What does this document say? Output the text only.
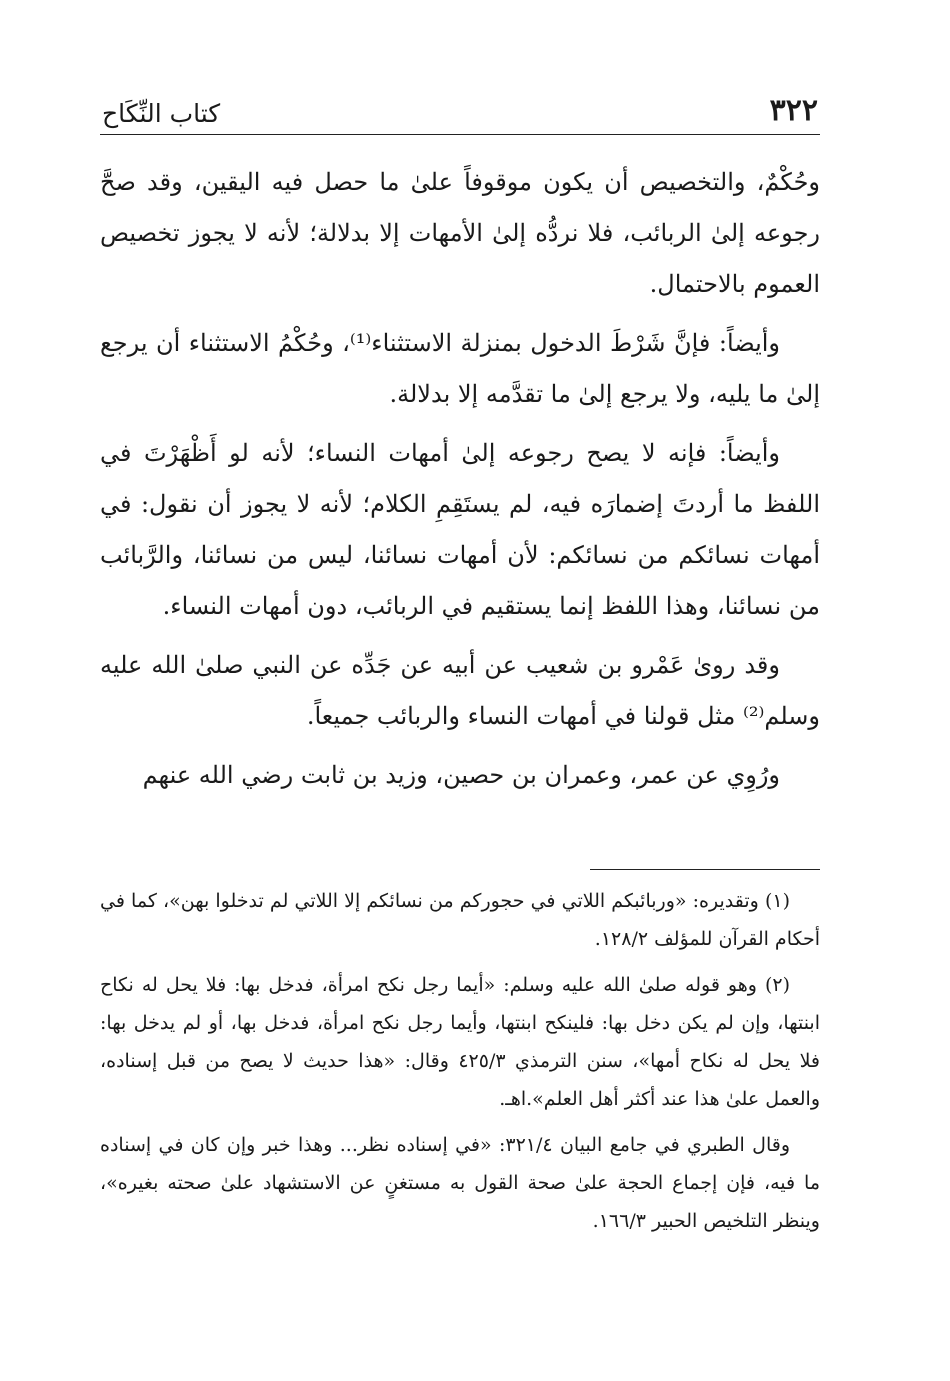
٣٢٢
كتاب النِّكَاح

وحُكْمٌ، والتخصيص أن يكون موقوفاً علىٰ ما حصل فيه اليقين، وقد صحَّ رجوعه إلىٰ الربائب، فلا نردُّه إلىٰ الأمهات إلا بدلالة؛ لأنه لا يجوز تخصيص العموم بالاحتمال.

وأيضاً: فإنَّ شَرْطَ الدخول بمنزلة الاستثناء⁽¹⁾، وحُكْمُ الاستثناء أن يرجع إلىٰ ما يليه، ولا يرجع إلىٰ ما تقدَّمه إلا بدلالة.

وأيضاً: فإنه لا يصح رجوعه إلىٰ أمهات النساء؛ لأنه لو أَظْهَرْتَ في اللفظ ما أردتَ إضمارَه فيه، لم يستَقِمِ الكلام؛ لأنه لا يجوز أن نقول: في أمهات نسائكم من نسائكم: لأن أمهات نسائنا، ليس من نسائنا، والرَّبائب من نسائنا، وهذا اللفظ إنما يستقيم في الربائب، دون أمهات النساء.

وقد روىٰ عَمْرو بن شعيب عن أبيه عن جَدِّه عن النبي صلىٰ الله عليه وسلم⁽²⁾ مثل قولنا في أمهات النساء والربائب جميعاً.

ورُوِي عن عمر، وعمران بن حصين، وزيد بن ثابت رضي الله عنهم

(١) وتقديره: «وربائبكم اللاتي في حجوركم من نسائكم إلا اللاتي لم تدخلوا بهن»، كما في أحكام القرآن للمؤلف ١٢٨/٢.

(٢) وهو قوله صلىٰ الله عليه وسلم: «أيما رجل نكح امرأة، فدخل بها: فلا يحل له نكاح ابنتها، وإن لم يكن دخل بها: فلينكح ابنتها، وأيما رجل نكح امرأة، فدخل بها، أو لم يدخل بها: فلا يحل له نكاح أمها»، سنن الترمذي ٤٢٥/٣ وقال: «هذا حديث لا يصح من قبل إسناده، والعمل علىٰ هذا عند أكثر أهل العلم».اهـ.

وقال الطبري في جامع البيان ٣٢١/٤: «في إسناده نظر... وهذا خبر وإن كان في إسناده ما فيه، فإن إجماع الحجة علىٰ صحة القول به مستغنٍ عن الاستشهاد علىٰ صحته بغيره»، وينظر التلخيص الحبير ١٦٦/٣.
